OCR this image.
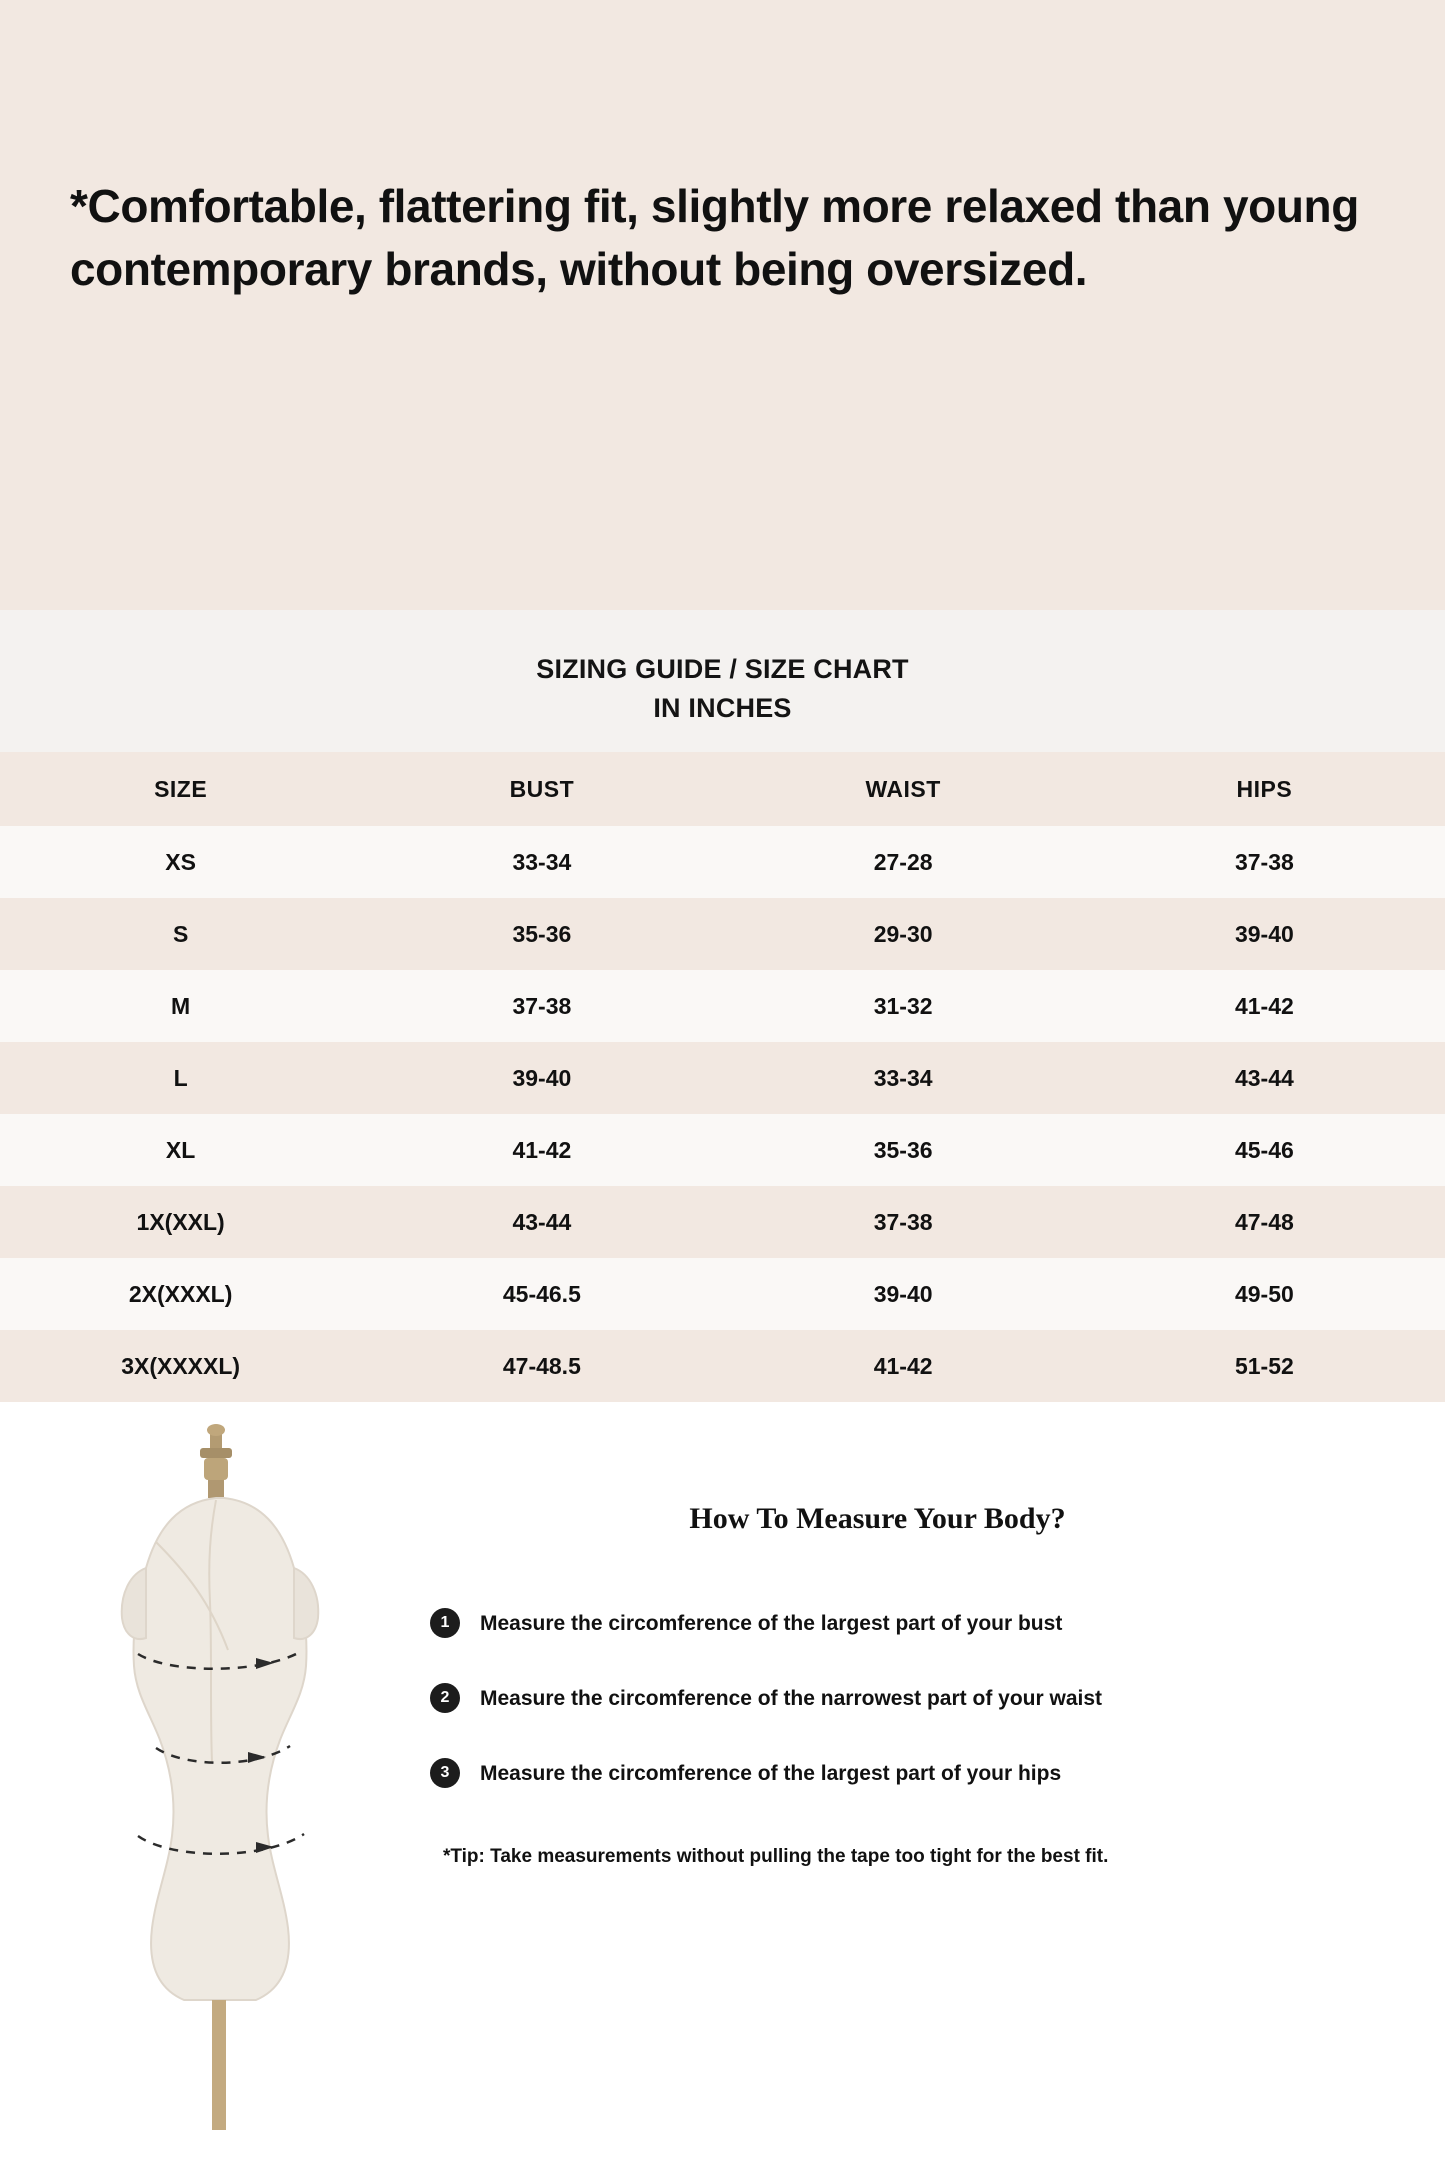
*Comfortable, flattering fit, slightly more relaxed than young contemporary brands, without being oversized.
SIZING GUIDE / SIZE CHART
IN INCHES
SIZE	BUST	WAIST	HIPS
XS	33-34	27-28	37-38
S	35-36	29-30	39-40
M	37-38	31-32	41-42
L	39-40	33-34	43-44
XL	41-42	35-36	45-46
1X(XXL)	43-44	37-38	47-48
2X(XXXL)	45-46.5	39-40	49-50
3X(XXXXL)	47-48.5	41-42	51-52
How To Measure Your Body?
1	Measure the circomference of the largest part of your bust
2	Measure the circomference of the narrowest part of your waist
3	Measure the circomference of the largest part of your hips
*Tip: Take measurements without pulling the tape too tight for the best fit.
